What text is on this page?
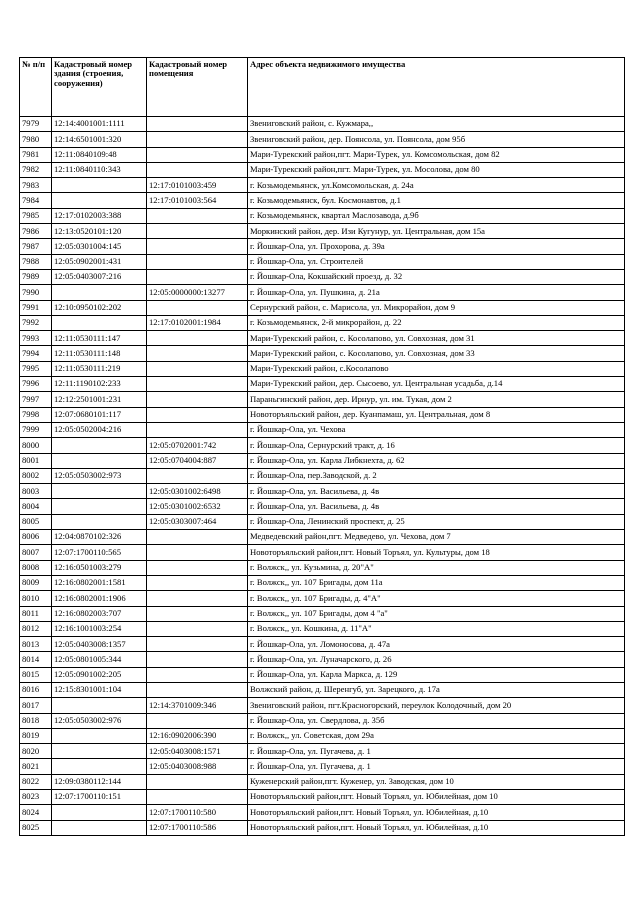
№ п/п	Кадастровый номер здания (строения, сооружения)	Кадастровый номер помещения	Адрес объекта недвижимого имущества
7979	12:14:4001001:1111		Звениговский район, с. Кужмара,,
7980	12:14:6501001:320		Звениговский район, дер. Поянсола, ул. Поянсола, дом 95б
7981	12:11:0840109:48		Мари-Турекский район,пгт. Мари-Турек, ул. Комсомольская, дом 82
7982	12:11:0840110:343		Мари-Турекский район,пгт. Мари-Турек, ул. Мосолова, дом 80
7983		12:17:0101003:459	г. Козьмодемьянск, ул.Комсомольская, д. 24а
7984		12:17:0101003:564	г. Козьмодемьянск, бул. Космонавтов, д.1
7985	12:17:0102003:388		г. Козьмодемьянск, квартал Маслозавода, д.9б
7986	12:13:0520101:120		Моркинский район, дер. Изи Кугунур, ул. Центральная, дом 15а
7987	12:05:0301004:145		г. Йошкар-Ола, ул. Прохорова, д. 39а
7988	12:05:0902001:431		г. Йошкар-Ола, ул. Строителей
7989	12:05:0403007:216		г. Йошкар-Ола, Кокшайский проезд, д. 32
7990		12:05:0000000:13277	г. Йошкар-Ола, ул. Пушкина, д. 21а
7991	12:10:0950102:202		Сернурский район, с. Марисола, ул. Микрорайон, дом 9
7992		12:17:0102001:1984	г. Козьмодемьянск, 2-й микрорайон, д. 22
7993	12:11:0530111:147		Мари-Турекский район, с. Косолапово, ул. Совхозная, дом 31
7994	12:11:0530111:148		Мари-Турекский район, с. Косолапово, ул. Совхозная, дом 33
7995	12:11:0530111:219		Мари-Турекский район, с.Косолапово
7996	12:11:1190102:233		Мари-Турекский район, дер. Сысоево, ул. Центральная усадьба, д.14
7997	12:12:2501001:231		Параньгинский район, дер. Ирнур, ул. им. Тукая, дом 2
7998	12:07:0680101:117		Новоторъяльский район, дер. Куанпамаш, ул. Центральная, дом 8
7999	12:05:0502004:216		г. Йошкар-Ола, ул. Чехова
8000		12:05:0702001:742	г. Йошкар-Ола, Сернурский тракт, д. 16
8001		12:05:0704004:887	г. Йошкар-Ола, ул. Карла Либкнехта, д. 62
8002	12:05:0503002:973		г. Йошкар-Ола, пер.Заводской, д. 2
8003		12:05:0301002:6498	г. Йошкар-Ола, ул. Васильева, д. 4в
8004		12:05:0301002:6532	г. Йошкар-Ола, ул. Васильева, д. 4в
8005		12:05:0303007:464	г. Йошкар-Ола, Ленинский проспект, д. 25
8006	12:04:0870102:326		Медведевский район,пгт. Медведево, ул. Чехова, дом 7
8007	12:07:1700110:565		Новоторъяльский район,пгт. Новый Торъял, ул. Культуры, дом 18
8008	12:16:0501003:279		г. Волжск,, ул. Кузьмина, д. 20"А"
8009	12:16:0802001:1581		г. Волжск,, ул. 107 Бригады, дом 11а
8010	12:16:0802001:1906		г. Волжск,, ул. 107 Бригады, д. 4"А"
8011	12:16:0802003:707		г. Волжск,, ул. 107 Бригады, дом 4 "а"
8012	12:16:1001003:254		г. Волжск,, ул. Кошкина, д. 11"А"
8013	12:05:0403008:1357		г. Йошкар-Ола, ул. Ломоносова, д. 47а
8014	12:05:0801005:344		г. Йошкар-Ола, ул. Луначарского, д. 26
8015	12:05:0901002:205		г. Йошкар-Ола, ул. Карла Маркса, д. 129
8016	12:15:8301001:104		Волжский район, д. Шеренгуб, ул. Зарецкого, д. 17а
8017		12:14:3701009:346	Звениговский район, пгт.Красногорский, переулок Колодочный, дом 20
8018	12:05:0503002:976		г. Йошкар-Ола, ул. Свердлова, д. 35б
8019		12:16:0902006:390	г. Волжск,, ул. Советская, дом 29а
8020		12:05:0403008:1571	г. Йошкар-Ола, ул. Пугачева, д. 1
8021		12:05:0403008:988	г. Йошкар-Ола, ул. Пугачева, д. 1
8022	12:09:0380112:144		Куженерский район,пгт. Куженер, ул. Заводская, дом 10
8023	12:07:1700110:151		Новоторъяльский район,пгт. Новый Торъял, ул. Юбилейная, дом 10
8024		12:07:1700110:580	Новоторъяльский район,пгт. Новый Торъял, ул. Юбилейная, д.10
8025		12:07:1700110:586	Новоторъяльский район,пгт. Новый Торъял, ул. Юбилейная, д.10
